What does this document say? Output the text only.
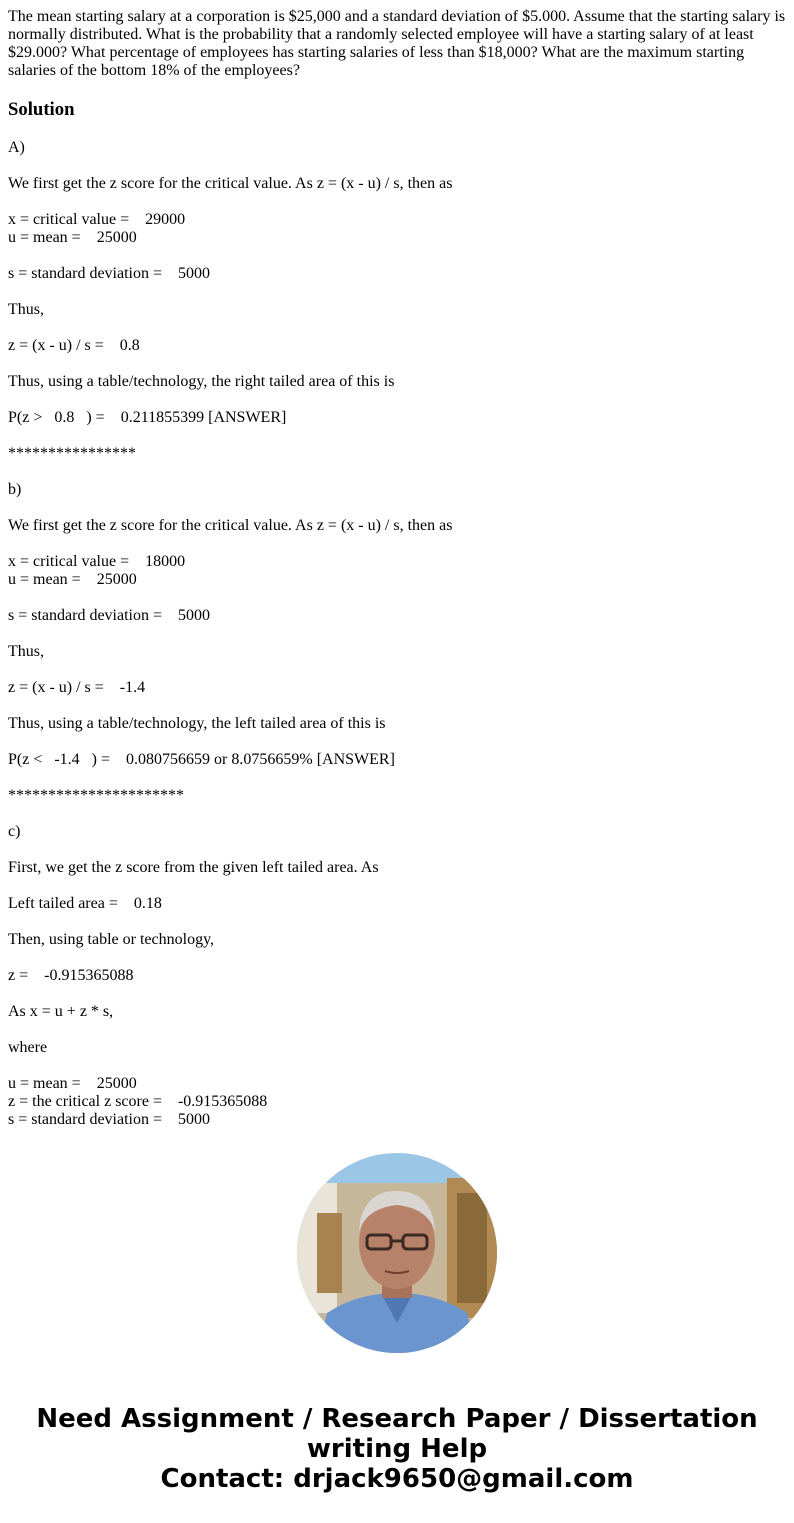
The mean starting salary at a corporation is $25,000 and a standard deviation of $5.000. Assume that the starting salary is normally distributed. What is the probability that a randomly selected employee will have a starting salary of at least $29.000? What percentage of employees has starting salaries of less than $18,000? What are the maximum starting salaries of the bottom 18% of the employees?

Solution
A)
We first get the z score for the critical value. As z = (x - u) / s, then as
x = critical value =    29000
u = mean =    25000
s = standard deviation =    5000
Thus,
z = (x - u) / s =    0.8
Thus, using a table/technology, the right tailed area of this is
P(z >   0.8   ) =    0.211855399 [ANSWER]
****************
b)
We first get the z score for the critical value. As z = (x - u) / s, then as
x = critical value =    18000
u = mean =    25000
s = standard deviation =    5000
Thus,
z = (x - u) / s =    -1.4
Thus, using a table/technology, the left tailed area of this is
P(z <   -1.4   ) =    0.080756659 or 8.0756659% [ANSWER]
**********************
c)
First, we get the z score from the given left tailed area. As
Left tailed area =    0.18
Then, using table or technology,
z =    -0.915365088
As x = u + z * s,
where
u = mean =    25000
z = the critical z score =    -0.915365088
s = standard deviation =    5000
Need Assignment / Research Paper / Dissertation
writing Help
Contact: drjack9650@gmail.com
